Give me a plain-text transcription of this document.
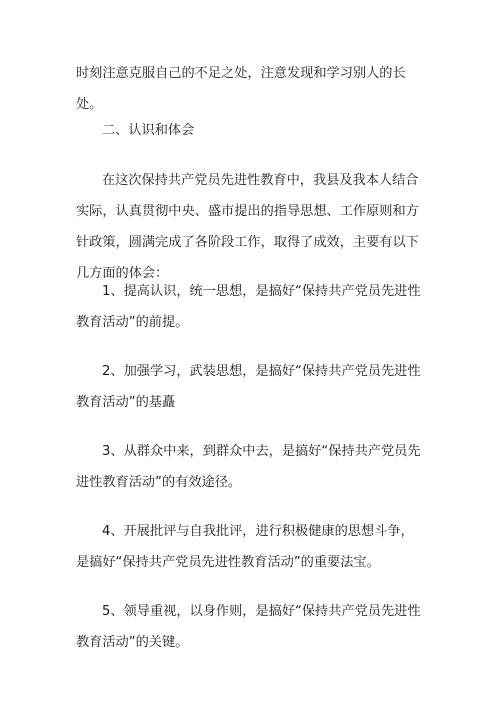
时刻注意克服自己的不足之处，注意发现和学习别人的长处。

二、认识和体会

在这次保持共产党员先进性教育中，我县及我本人结合实际，认真贯彻中央、盛市提出的指导思想、工作原则和方针政策，圆满完成了各阶段工作，取得了成效，主要有以下几方面的体会：

1、提高认识，统一思想，是搞好“保持共产党员先进性教育活动”的前提。

2、加强学习，武装思想，是搞好“保持共产党员先进性教育活动”的基矗

3、从群众中来，到群众中去，是搞好“保持共产党员先进性教育活动”的有效途径。

4、开展批评与自我批评，进行积极健康的思想斗争，是搞好“保持共产党员先进性教育活动”的重要法宝。

5、领导重视，以身作则，是搞好“保持共产党员先进性教育活动”的关键。
